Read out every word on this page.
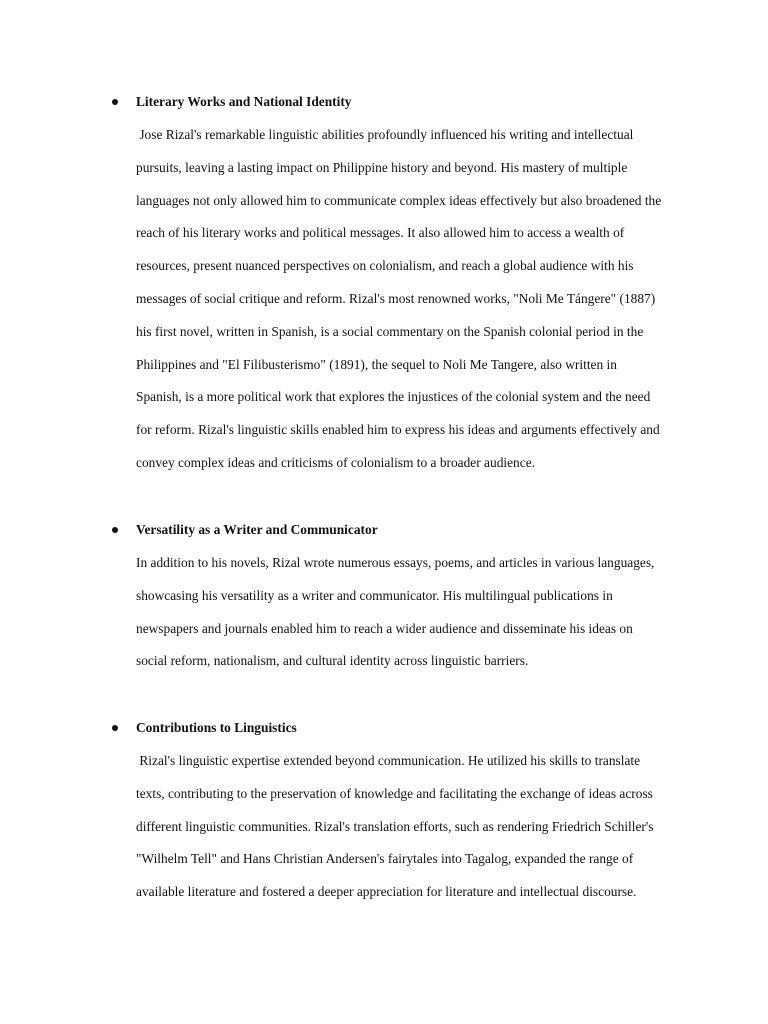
Literary Works and National Identity
Jose Rizal's remarkable linguistic abilities profoundly influenced his writing and intellectual
pursuits, leaving a lasting impact on Philippine history and beyond. His mastery of multiple
languages not only allowed him to communicate complex ideas effectively but also broadened the
reach of his literary works and political messages. It also allowed him to access a wealth of
resources, present nuanced perspectives on colonialism, and reach a global audience with his
messages of social critique and reform. Rizal's most renowned works, "Noli Me Tángere" (1887)
his first novel, written in Spanish, is a social commentary on the Spanish colonial period in the
Philippines and "El Filibusterismo" (1891), the sequel to Noli Me Tangere, also written in
Spanish, is a more political work that explores the injustices of the colonial system and the need
for reform. Rizal's linguistic skills enabled him to express his ideas and arguments effectively and
convey complex ideas and criticisms of colonialism to a broader audience.
Versatility as a Writer and Communicator
In addition to his novels, Rizal wrote numerous essays, poems, and articles in various languages,
showcasing his versatility as a writer and communicator. His multilingual publications in
newspapers and journals enabled him to reach a wider audience and disseminate his ideas on
social reform, nationalism, and cultural identity across linguistic barriers.
Contributions to Linguistics
Rizal's linguistic expertise extended beyond communication. He utilized his skills to translate
texts, contributing to the preservation of knowledge and facilitating the exchange of ideas across
different linguistic communities. Rizal's translation efforts, such as rendering Friedrich Schiller's
"Wilhelm Tell" and Hans Christian Andersen's fairytales into Tagalog, expanded the range of
available literature and fostered a deeper appreciation for literature and intellectual discourse.
